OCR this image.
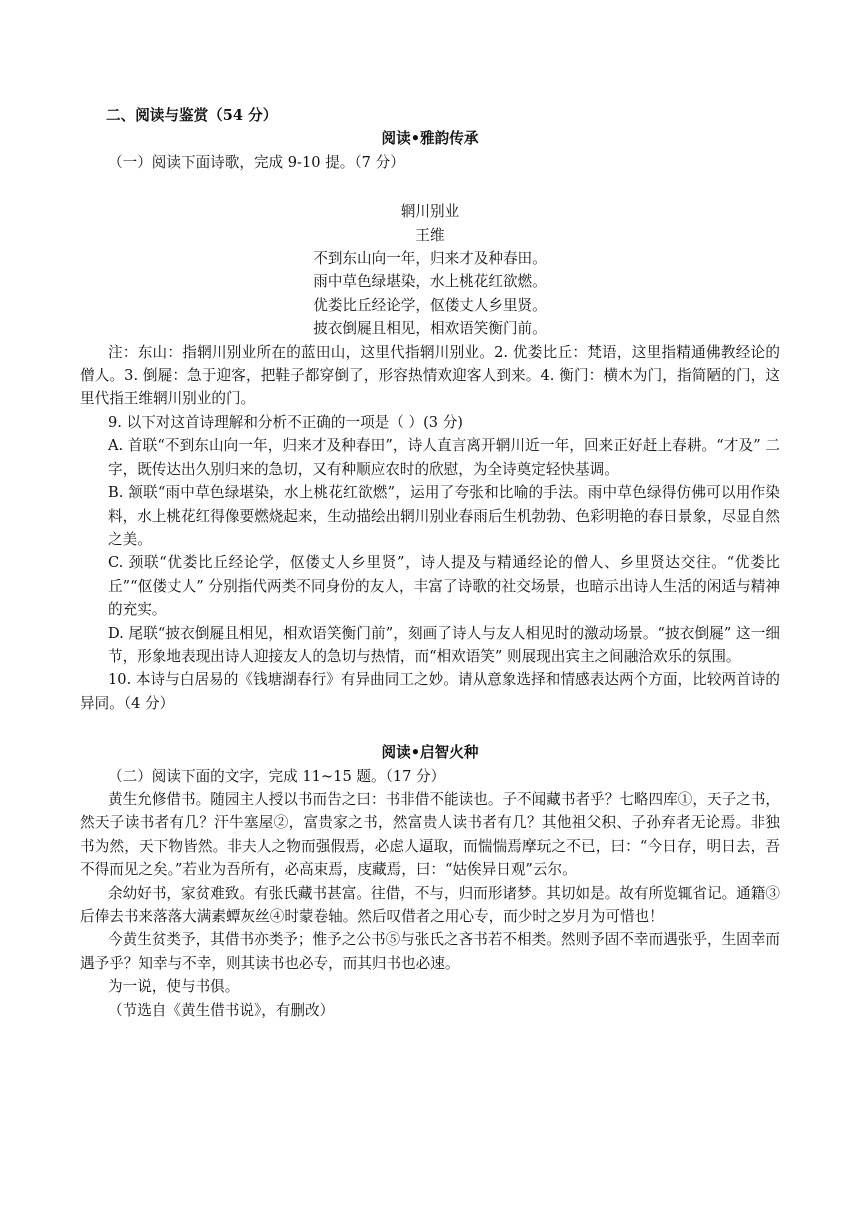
二、阅读与鉴赏（54 分）
阅读•雅韵传承
（一）阅读下面诗歌，完成 9-10 提。（7 分）
辋川别业
王维
不到东山向一年，归来才及种春田。
雨中草色绿堪染，水上桃花红欲燃。
优娄比丘经论学，伛偻丈人乡里贤。
披衣倒屣且相见，相欢语笑衡门前。
注：东山：指辋川别业所在的蓝田山，这里代指辋川别业。2. 优娄比丘：梵语，这里指精通佛教经论的僧人。3. 倒屣：急于迎客，把鞋子都穿倒了，形容热情欢迎客人到来。4. 衡门：横木为门，指简陋的门，这里代指王维辋川别业的门。
9. 以下对这首诗理解和分析不正确的一项是（ ）(3 分)
A. 首联“不到东山向一年，归来才及种春田”，诗人直言离开辋川近一年，回来正好赶上春耕。“才及” 二字，既传达出久别归来的急切，又有种顺应农时的欣慰，为全诗奠定轻快基调。
B. 颔联“雨中草色绿堪染，水上桃花红欲燃”，运用了夸张和比喻的手法。雨中草色绿得仿佛可以用作染料，水上桃花红得像要燃烧起来，生动描绘出辋川别业春雨后生机勃勃、色彩明艳的春日景象，尽显自然之美。
C. 颈联“优娄比丘经论学，伛偻丈人乡里贤”，诗人提及与精通经论的僧人、乡里贤达交往。“优娄比丘”“伛偻丈人” 分别指代两类不同身份的友人，丰富了诗歌的社交场景，也暗示出诗人生活的闲适与精神的充实。
D. 尾联“披衣倒屣且相见，相欢语笑衡门前”，刻画了诗人与友人相见时的激动场景。“披衣倒屣” 这一细节，形象地表现出诗人迎接友人的急切与热情，而“相欢语笑” 则展现出宾主之间融洽欢乐的氛围。
10. 本诗与白居易的《钱塘湖春行》有异曲同工之妙。请从意象选择和情感表达两个方面，比较两首诗的异同。（4 分）
阅读•启智火种
（二）阅读下面的文字，完成 11~15 题。（17 分）
黄生允修借书。随园主人授以书而告之曰：书非借不能读也。子不闻藏书者乎？七略四库①，天子之书，然天子读书者有几？汗牛塞屋②，富贵家之书，然富贵人读书者有几？其他祖父积、子孙弃者无论焉。非独书为然，天下物皆然。非夫人之物而强假焉，必虑人逼取，而惴惴焉摩玩之不已，曰：“今日存，明日去，吾不得而见之矣。”若业为吾所有，必高束焉，庋藏焉，曰：“姑俟异日观”云尔。
余幼好书，家贫难致。有张氏藏书甚富。往借，不与，归而形诸梦。其切如是。故有所览辄省记。通籍③后俸去书来落落大满素蟫灰丝④时蒙卷轴。然后叹借者之用心专，而少时之岁月为可惜也！
今黄生贫类予，其借书亦类予；惟予之公书⑤与张氏之吝书若不相类。然则予固不幸而遇张乎，生固幸而遇予乎？知幸与不幸，则其读书也必专，而其归书也必速。
为一说，使与书俱。
（节选自《黄生借书说》，有删改）
